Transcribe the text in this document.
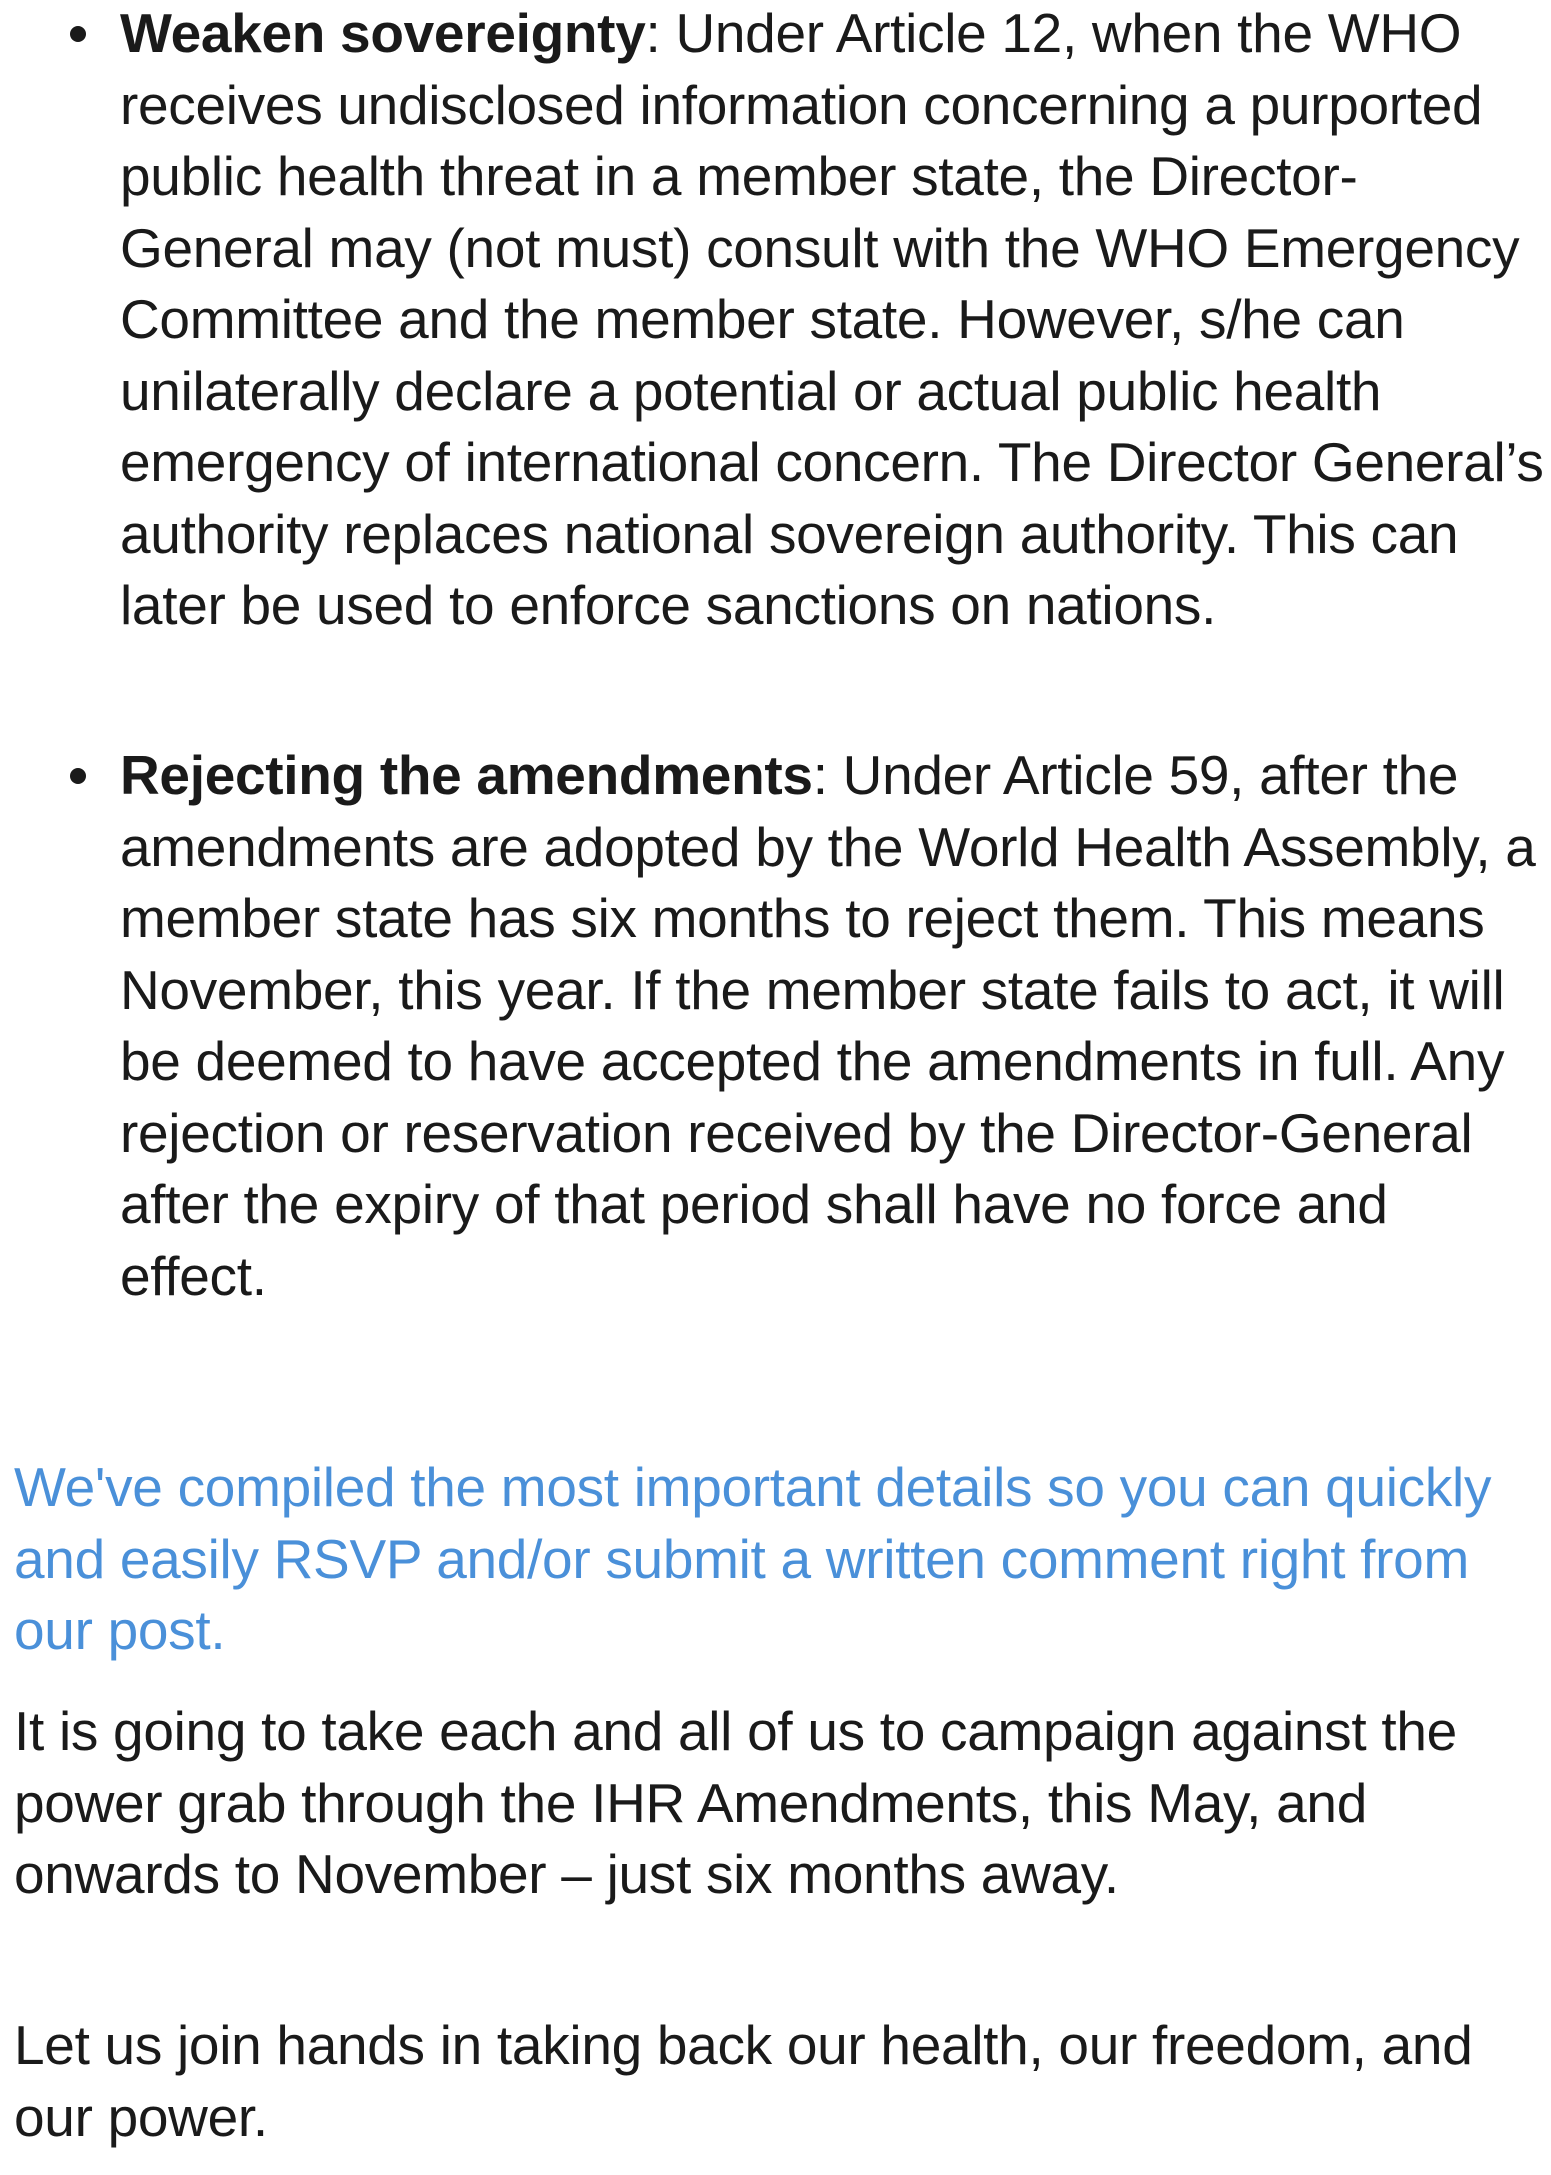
Weaken sovereignty: Under Article 12, when the WHO receives undisclosed information concerning a purported public health threat in a member state, the Director-General may (not must) consult with the WHO Emergency Committee and the member state. However, s/he can unilaterally declare a potential or actual public health emergency of international concern. The Director General’s authority replaces national sovereign authority. This can later be used to enforce sanctions on nations.
Rejecting the amendments: Under Article 59, after the amendments are adopted by the World Health Assembly, a member state has six months to reject them. This means November, this year. If the member state fails to act, it will be deemed to have accepted the amendments in full. Any rejection or reservation received by the Director-General after the expiry of that period shall have no force and effect.

We've compiled the most important details so you can quickly and easily RSVP and/or submit a written comment right from our post.

It is going to take each and all of us to campaign against the power grab through the IHR Amendments, this May, and onwards to November – just six months away.

Let us join hands in taking back our health, our freedom, and our power.
